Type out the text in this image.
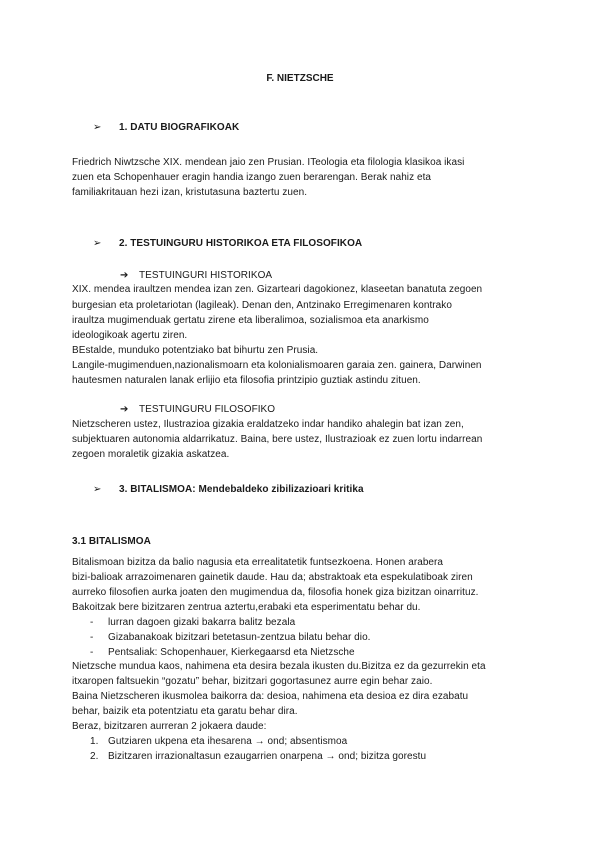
F. NIETZSCHE
➢ 1. DATU BIOGRAFIKOAK
Friedrich Niwtzsche XIX. mendean jaio zen Prusian. ITeologia eta filologia klasikoa ikasi
zuen eta Schopenhauer eragin handia izango zuen berarengan. Berak nahiz eta
familiakritauan hezi izan, kristutasuna baztertu zuen.
➢ 2. TESTUINGURU HISTORIKOA ETA FILOSOFIKOA
➔ TESTUINGURI HISTORIKOA
XIX. mendea iraultzen mendea izan zen. Gizarteari dagokionez, klaseetan banatuta zegoen
burgesian eta proletariotan (lagileak). Denan den, Antzinako Erregimenaren kontrako
iraultza mugimenduak gertatu zirene eta liberalimoa, sozialismoa eta anarkismo
ideologikoak agertu ziren.
BEstalde, munduko potentziako bat bihurtu zen Prusia.
Langile-mugimenduen,nazionalismoarn eta kolonialismoaren garaia zen. gainera, Darwinen
hautesmen naturalen lanak erlijio eta filosofia printzipio guztiak astindu zituen.
➔ TESTUINGURU FILOSOFIKO
Nietzscheren ustez, Ilustrazioa gizakia eraldatzeko indar handiko ahalegin bat izan zen,
subjektuaren autonomia aldarrikatuz. Baina, bere ustez, Ilustrazioak ez zuen lortu indarrean
zegoen moraletik gizakia askatzea.
➢ 3. BITALISMOA: Mendebaldeko zibilizazioari kritika
3.1 BITALISMOA
Bitalismoan bizitza da balio nagusia eta errealitatetik funtsezkoena. Honen arabera
bizi-balioak arrazoimenaren gainetik daude. Hau da; abstraktoak eta espekulatiboak ziren
aurreko filosofien aurka joaten den mugimendua da, filosofia honek giza bizitzan oinarrituz.
Bakoitzak bere bizitzaren zentrua aztertu,erabaki eta esperimentatu behar du.
- lurran dagoen gizaki bakarra balitz bezala
- Gizabanakoak bizitzari betetasun-zentzua bilatu behar dio.
- Pentsaliak: Schopenhauer, Kierkegaarsd eta Nietzsche
Nietzsche mundua kaos, nahimena eta desira bezala ikusten du.Bizitza ez da gezurrekin eta
itxaropen faltsuekin “gozatu” behar, bizitzari gogortasunez aurre egin behar zaio.
Baina Nietzscheren ikusmolea baikorra da: desioa, nahimena eta desioa ez dira ezabatu
behar, baizik eta potentziatu eta garatu behar dira.
Beraz, bizitzaren aurreran 2 jokaera daude:
1. Gutziaren ukpena eta ihesarena → ond; absentismoa
2. Bizitzaren irrazionaltasun ezaugarrien onarpena → ond; bizitza gorestu
